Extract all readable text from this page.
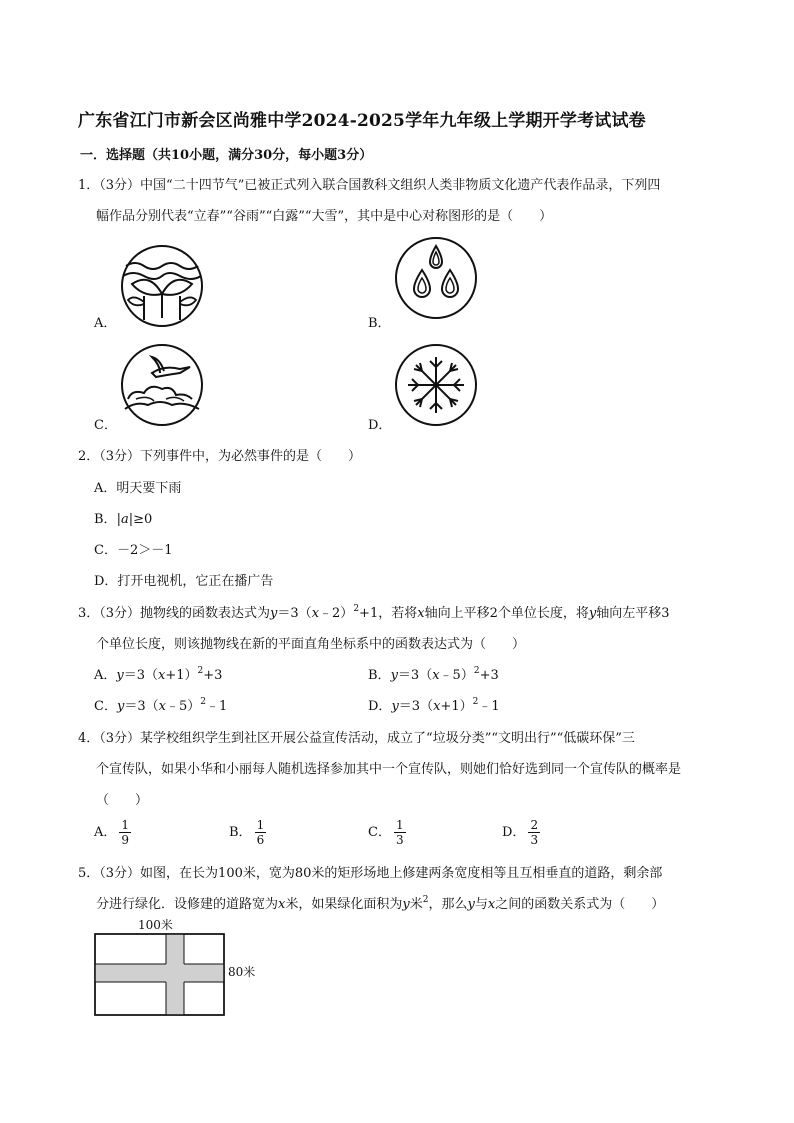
广东省江门市新会区尚雅中学2024-2025学年九年级上学期开学考试试卷
一．选择题（共10小题，满分30分，每小题3分）
1．（3分）中国“二十四节气”已被正式列入联合国教科文组织人类非物质文化遗产代表作品录，下列四
幅作品分别代表“立春”“谷雨”“白露”“大雪”，其中是中心对称图形的是（　　）
A．	B．
C．	D．
2．（3分）下列事件中，为必然事件的是（　　）
A．明天要下雨
B．|a|≥0
C．－2＞－1
D．打开电视机，它正在播广告
3．（3分）抛物线的函数表达式为y＝3（x﹣2）$^2$+1，若将x轴向上平移2个单位长度，将y轴向左平移3
个单位长度，则该抛物线在新的平面直角坐标系中的函数表达式为（　　）
A．$y=3(x+1)^2+3$	B．y＝3（x﹣5）$^2$+3
C．y＝3（x﹣5）$^2$﹣1	D．$y=3(x+1)^2﹣1$
4．（3分）某学校组织学生到社区开展公益宣传活动，成立了“垃圾分类”“文明出行”“低碳环保”三
个宣传队，如果小华和小丽每人随机选择参加其中一个宣传队，则她们恰好选到同一个宣传队的概率是
（　　）
A． $\frac{1}{9}$	B． $\frac{1}{6}$	C． $\frac{1}{3}$	D． $\frac{2}{3}$
5．（3分）如图，在长为100米，宽为80米的矩形场地上修建两条宽度相等且互相垂直的道路，剩余部
分进行绿化．设修建的道路宽为x米，如果绿化面积为y米$^2$，那么y与x之间的函数关系式为（　　）
100米
80米
